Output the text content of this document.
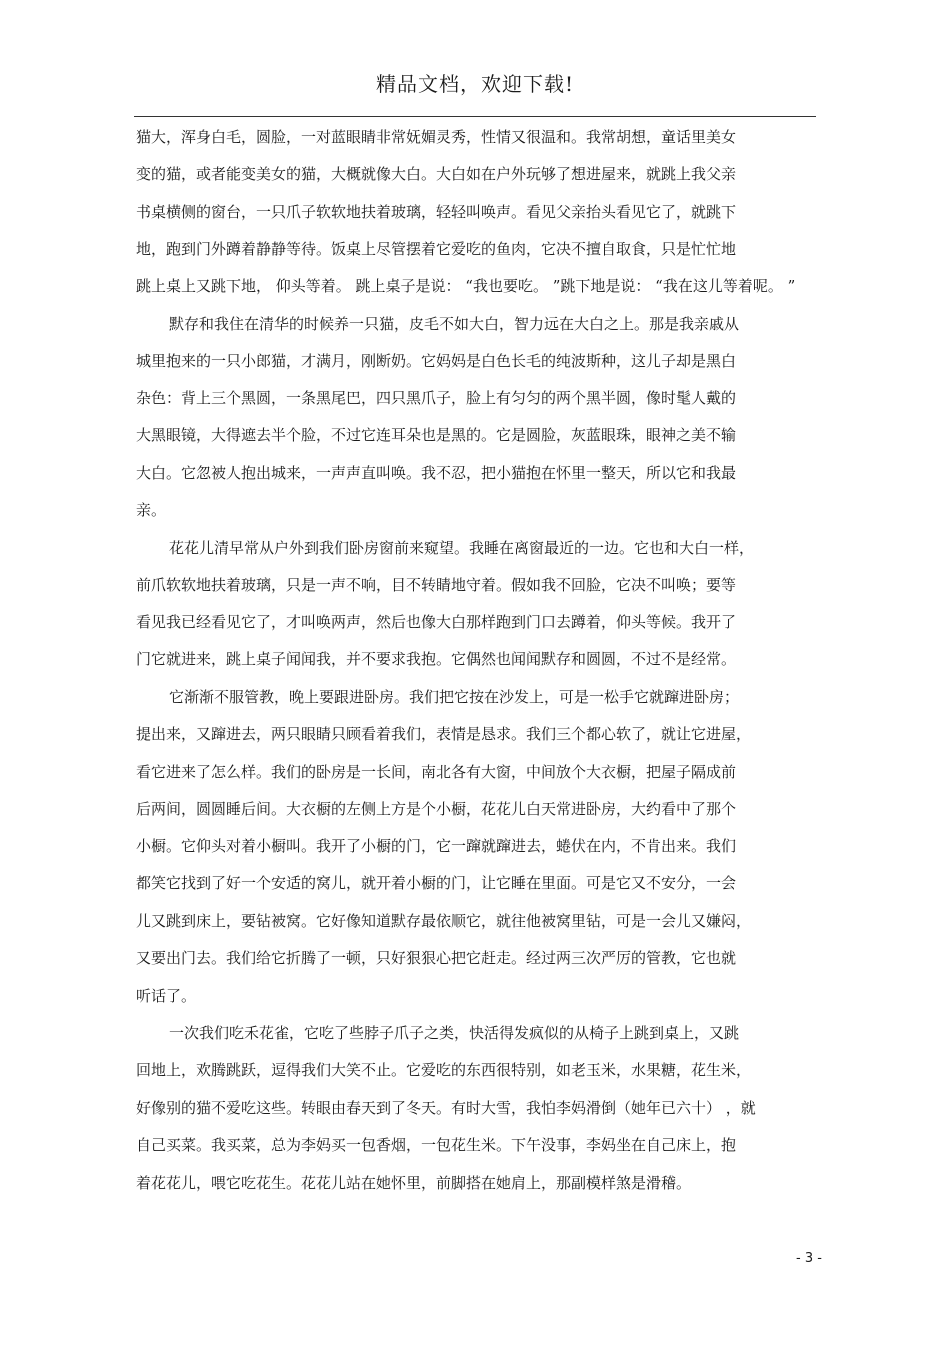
精品文档，欢迎下载!
猫大，浑身白毛，圆脸，一对蓝眼睛非常妩媚灵秀，性情又很温和。我常胡想，童话里美女
变的猫，或者能变美女的猫，大概就像大白。大白如在户外玩够了想进屋来，就跳上我父亲
书桌横侧的窗台，一只爪子软软地扶着玻璃，轻轻叫唤声。看见父亲抬头看见它了，就跳下
地，跑到门外蹲着静静等待。饭桌上尽管摆着它爱吃的鱼肉，它决不擅自取食，只是忙忙地
跳上桌上又跳下地， 仰头等着。 跳上桌子是说： “我也要吃。 ”跳下地是说： “我在这儿等着呢。 ”
默存和我住在清华的时候养一只猫，皮毛不如大白，智力远在大白之上。那是我亲戚从
城里抱来的一只小郎猫，才满月，刚断奶。它妈妈是白色长毛的纯波斯种，这儿子却是黑白
杂色：背上三个黑圆，一条黑尾巴，四只黑爪子，脸上有匀匀的两个黑半圆，像时髦人戴的
大黑眼镜，大得遮去半个脸，不过它连耳朵也是黑的。它是圆脸，灰蓝眼珠，眼神之美不输
大白。它忽被人抱出城来，一声声直叫唤。我不忍，把小猫抱在怀里一整天，所以它和我最
亲。
花花儿清早常从户外到我们卧房窗前来窥望。我睡在离窗最近的一边。它也和大白一样，
前爪软软地扶着玻璃，只是一声不响，目不转睛地守着。假如我不回脸，它决不叫唤；要等
看见我已经看见它了，才叫唤两声，然后也像大白那样跑到门口去蹲着，仰头等候。我开了
门它就进来，跳上桌子闻闻我，并不要求我抱。它偶然也闻闻默存和圆圆，不过不是经常。
它渐渐不服管教，晚上要跟进卧房。我们把它按在沙发上，可是一松手它就蹿进卧房；
提出来，又蹿进去，两只眼睛只顾看着我们，表情是恳求。我们三个都心软了，就让它进屋，
看它进来了怎么样。我们的卧房是一长间，南北各有大窗，中间放个大衣橱，把屋子隔成前
后两间，圆圆睡后间。大衣橱的左侧上方是个小橱，花花儿白天常进卧房，大约看中了那个
小橱。它仰头对着小橱叫。我开了小橱的门，它一蹿就蹿进去，蜷伏在内，不肯出来。我们
都笑它找到了好一个安适的窝儿，就开着小橱的门，让它睡在里面。可是它又不安分，一会
儿又跳到床上，要钻被窝。它好像知道默存最依顺它，就往他被窝里钻，可是一会儿又嫌闷，
又要出门去。我们给它折腾了一顿，只好狠狠心把它赶走。经过两三次严厉的管教，它也就
听话了。
一次我们吃禾花雀，它吃了些脖子爪子之类，快活得发疯似的从椅子上跳到桌上，又跳
回地上，欢腾跳跃，逗得我们大笑不止。它爱吃的东西很特别，如老玉米，水果糖，花生米，
好像别的猫不爱吃这些。转眼由春天到了冬天。有时大雪，我怕李妈滑倒（她年已六十） ，就
自己买菜。我买菜，总为李妈买一包香烟，一包花生米。下午没事，李妈坐在自己床上，抱
着花花儿，喂它吃花生。花花儿站在她怀里，前脚搭在她肩上，那副模样煞是滑稽。
- 3 -
